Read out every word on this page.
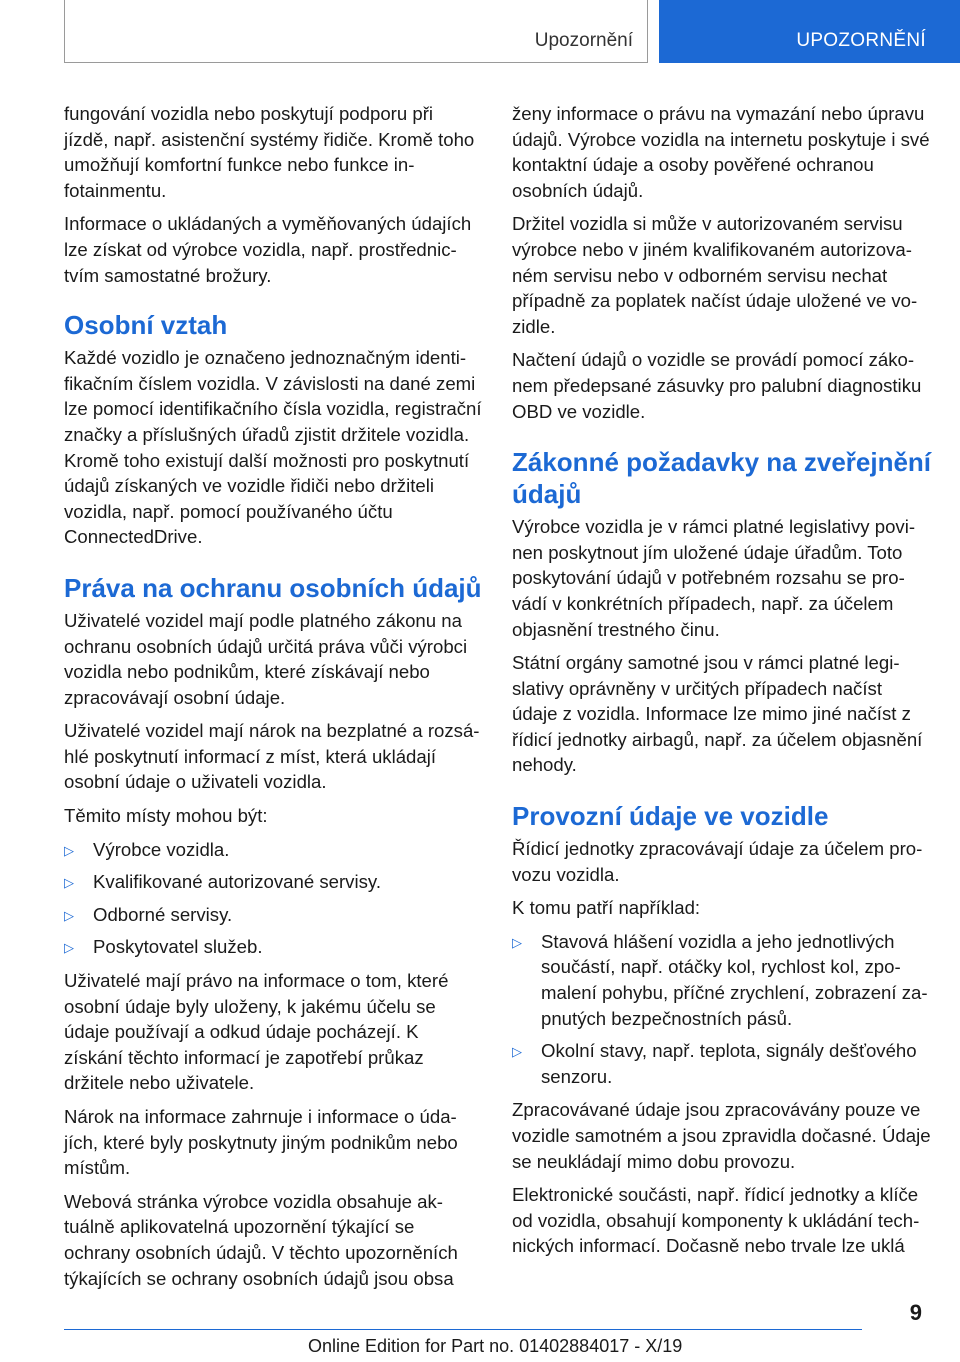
Upozornění	UPOZORNĚNÍ

fungování vozidla nebo poskytují podporu při jízdě, např. asistenční systémy řidiče. Kromě toho umožňují komfortní funkce nebo funkce infotainmentu.

Informace o ukládaných a vyměňovaných údajích lze získat od výrobce vozidla, např. prostřednictvím samostatné brožury.

Osobní vztah

Každé vozidlo je označeno jednoznačným identifikačním číslem vozidla. V závislosti na dané zemi lze pomocí identifikačního čísla vozidla, registrační značky a příslušných úřadů zjistit držitele vozidla. Kromě toho existují další možnosti pro poskytnutí údajů získaných ve vozidle řidiči nebo držiteli vozidla, např. pomocí používaného účtu ConnectedDrive.

Práva na ochranu osobních údajů

Uživatelé vozidel mají podle platného zákonu na ochranu osobních údajů určitá práva vůči výrobci vozidla nebo podnikům, které získávají nebo zpracovávají osobní údaje.

Uživatelé vozidel mají nárok na bezplatné a rozsáhlé poskytnutí informací z míst, která ukládají osobní údaje o uživateli vozidla.

Těmito místy mohou být:

▷ Výrobce vozidla.
▷ Kvalifikované autorizované servisy.
▷ Odborné servisy.
▷ Poskytovatel služeb.

Uživatelé mají právo na informace o tom, které osobní údaje byly uloženy, k jakému účelu se údaje používají a odkud údaje pocházejí. K získání těchto informací je zapotřebí průkaz držitele nebo uživatele.

Nárok na informace zahrnuje i informace o údajích, které byly poskytnuty jiným podnikům nebo místům.

Webová stránka výrobce vozidla obsahuje aktuálně aplikovatelná upozornění týkající se ochrany osobních údajů. V těchto upozorněních týkajících se ochrany osobních údajů jsou obsa

ženy informace o právu na vymazání nebo úpravu údajů. Výrobce vozidla na internetu poskytuje i své kontaktní údaje a osoby pověřené ochranou osobních údajů.

Držitel vozidla si může v autorizovaném servisu výrobce nebo v jiném kvalifikovaném autorizovaném servisu nebo v odborném servisu nechat případně za poplatek načíst údaje uložené ve vozidle.

Načtení údajů o vozidle se provádí pomocí zákonem předepsané zásuvky pro palubní diagnostiku OBD ve vozidle.

Zákonné požadavky na zveřejnění údajů

Výrobce vozidla je v rámci platné legislativy povinen poskytnout jím uložené údaje úřadům. Toto poskytování údajů v potřebném rozsahu se provádí v konkrétních případech, např. za účelem objasnění trestného činu.

Státní orgány samotné jsou v rámci platné legislativy oprávněny v určitých případech načíst údaje z vozidla. Informace lze mimo jiné načíst z řídicí jednotky airbagů, např. za účelem objasnění nehody.

Provozní údaje ve vozidle

Řídicí jednotky zpracovávají údaje za účelem provozu vozidla.

K tomu patří například:

▷ Stavová hlášení vozidla a jeho jednotlivých součástí, např. otáčky kol, rychlost kol, zpomalení pohybu, příčné zrychlení, zobrazení zapnutých bezpečnostních pásů.
▷ Okolní stavy, např. teplota, signály dešťového senzoru.

Zpracovávané údaje jsou zpracovávány pouze ve vozidle samotném a jsou zpravidla dočasné. Údaje se neukládají mimo dobu provozu.

Elektronické součásti, např. řídicí jednotky a klíče od vozidla, obsahují komponenty k ukládání technických informací. Dočasně nebo trvale lze uklá

9
Online Edition for Part no. 01402884017 - X/19
